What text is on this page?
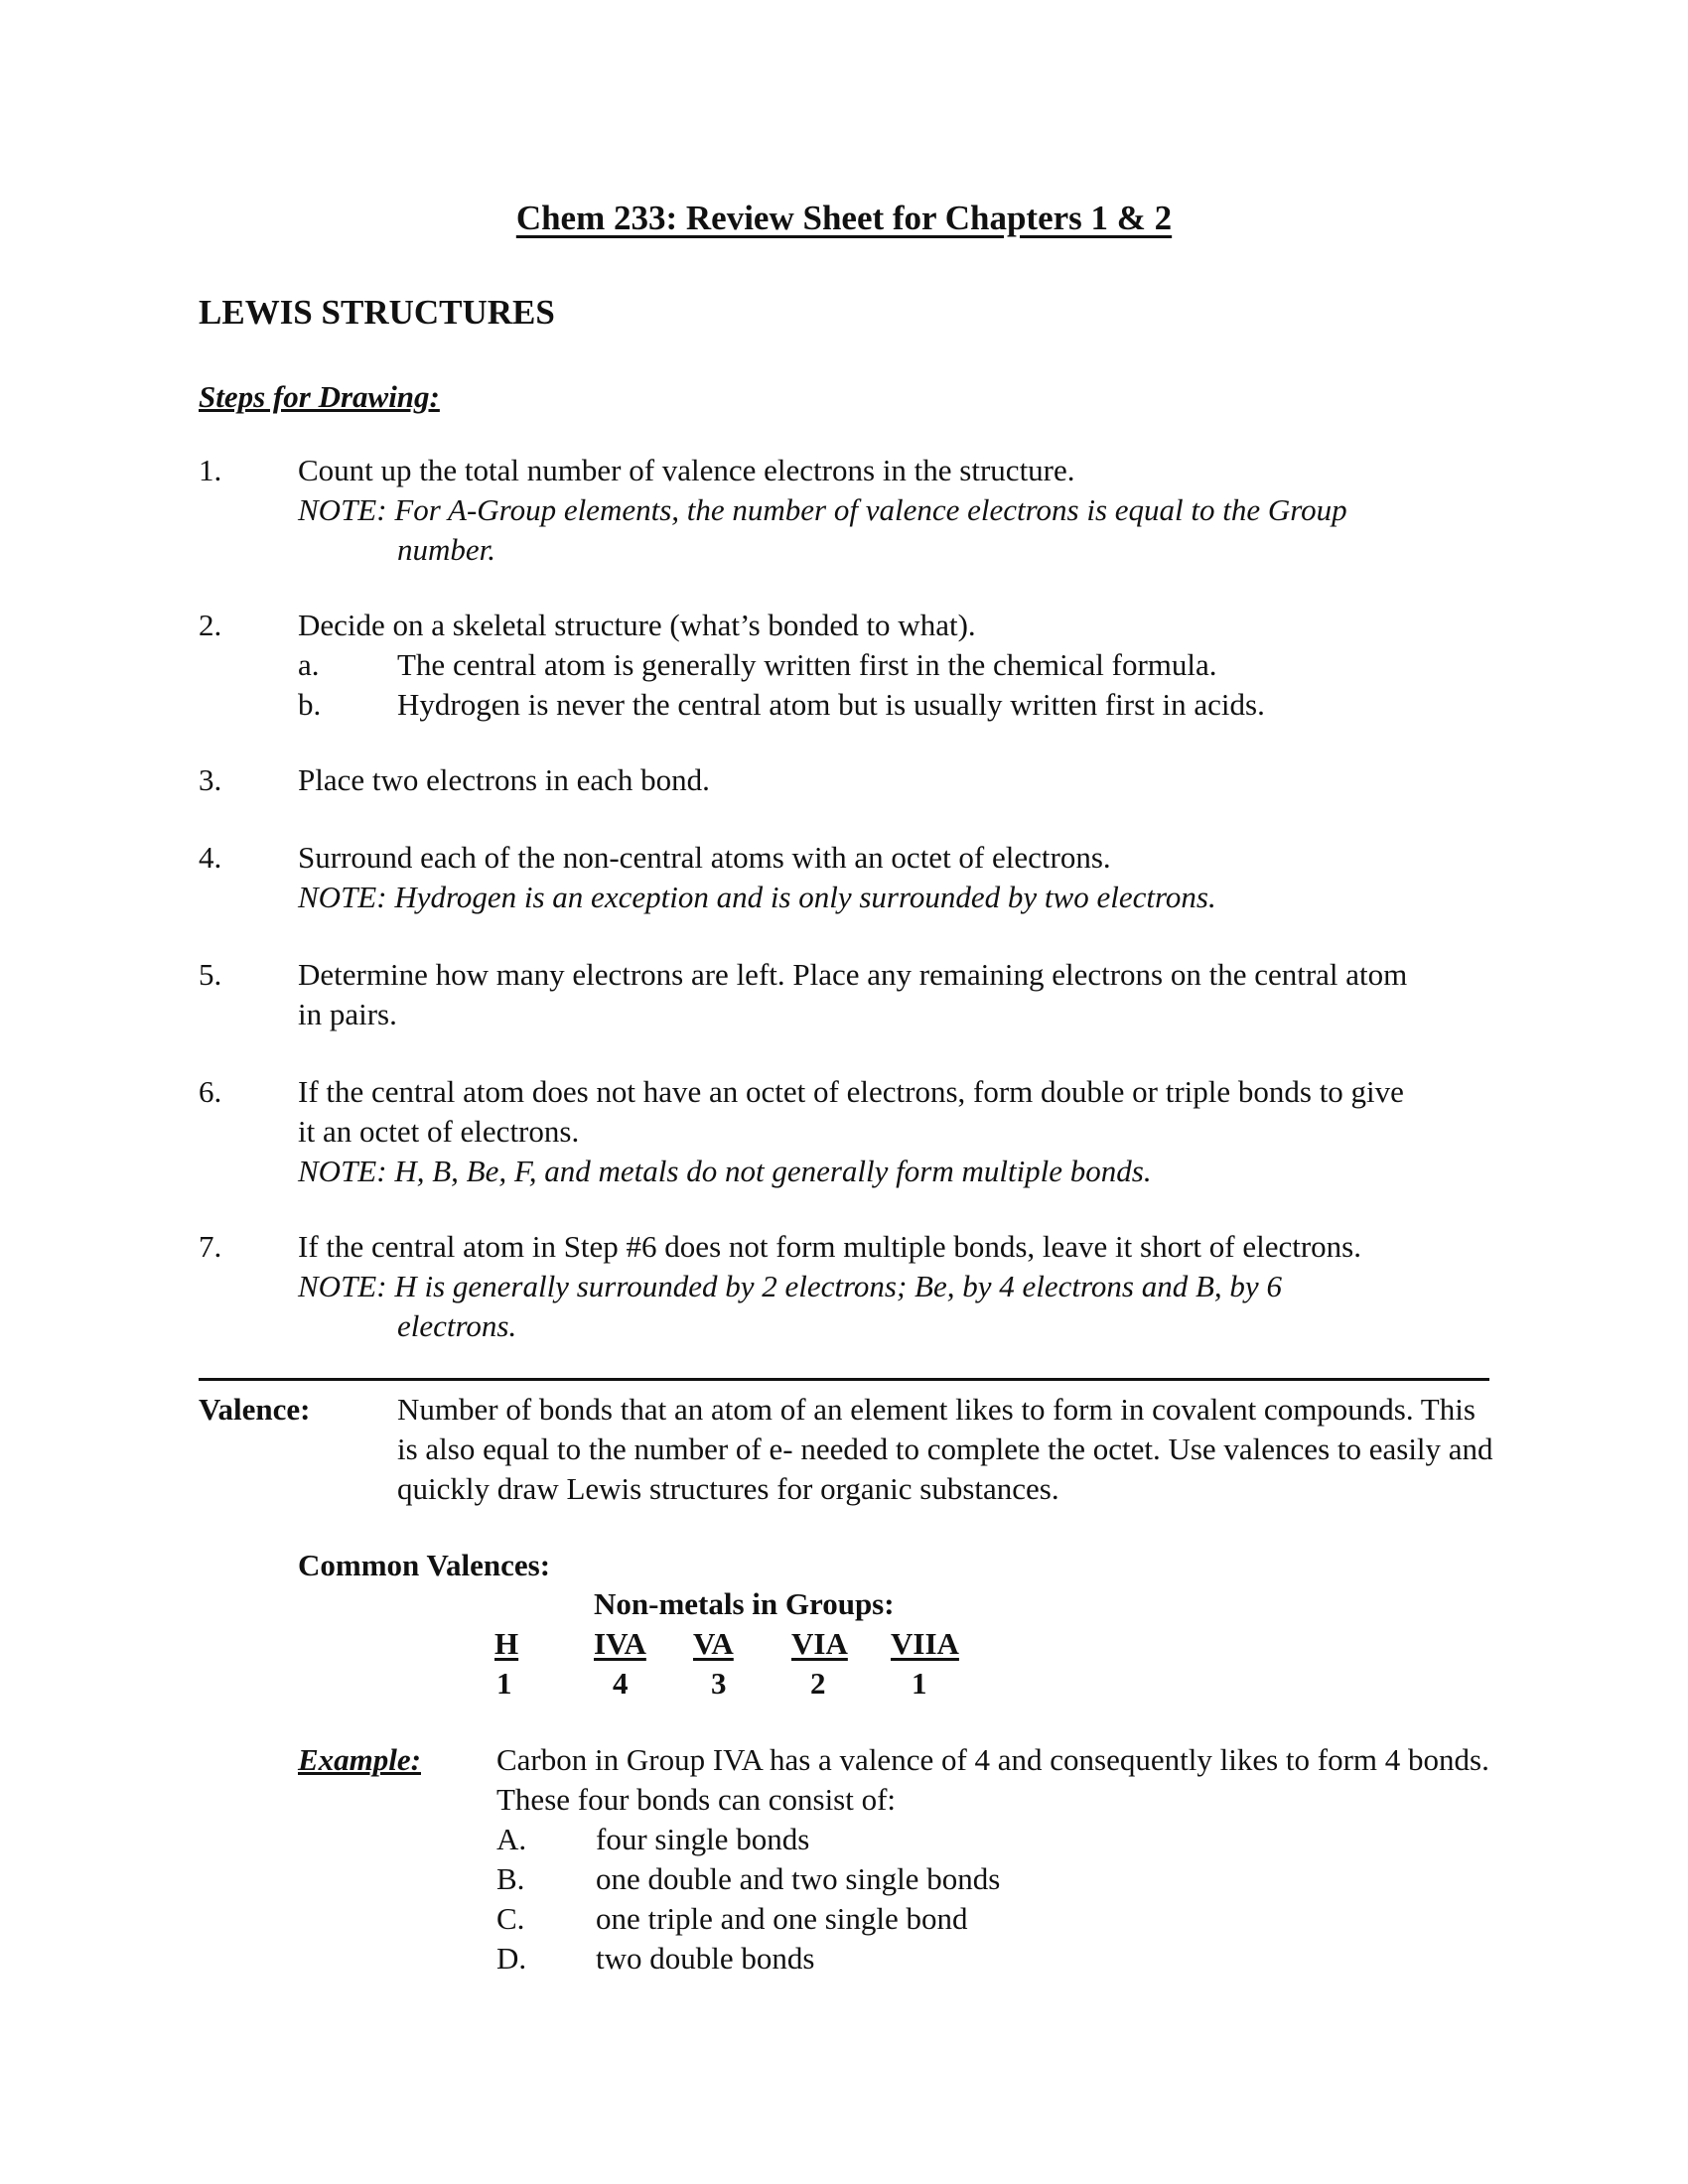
Chem 233: Review Sheet for Chapters 1 & 2
LEWIS STRUCTURES
Steps for Drawing:
1. Count up the total number of valence electrons in the structure.
NOTE: For A-Group elements, the number of valence electrons is equal to the Group
number.
2. Decide on a skeletal structure (what’s bonded to what).
a.	The central atom is generally written first in the chemical formula.
b.	Hydrogen is never the central atom but is usually written first in acids.
3. Place two electrons in each bond.
4. Surround each of the non-central atoms with an octet of electrons.
NOTE: Hydrogen is an exception and is only surrounded by two electrons.
5. Determine how many electrons are left. Place any remaining electrons on the central atom
in pairs.
6. If the central atom does not have an octet of electrons, form double or triple bonds to give
it an octet of electrons.
NOTE: H, B, Be, F, and metals do not generally form multiple bonds.
7. If the central atom in Step #6 does not form multiple bonds, leave it short of electrons.
NOTE: H is generally surrounded by 2 electrons; Be, by 4 electrons and B, by 6
electrons.
Valence:	Number of bonds that an atom of an element likes to form in covalent compounds. This is also equal to the number of e- needed to complete the octet. Use valences to easily and quickly draw Lewis structures for organic substances.
Common Valences:
Non-metals in Groups:
H IVA VA VIA VIIA
1	4	3	2	1
Example: Carbon in Group IVA has a valence of 4 and consequently likes to form 4 bonds. These four bonds can consist of:
A.	four single bonds
B.	one double and two single bonds
C.	one triple and one single bond
D.	two double bonds
